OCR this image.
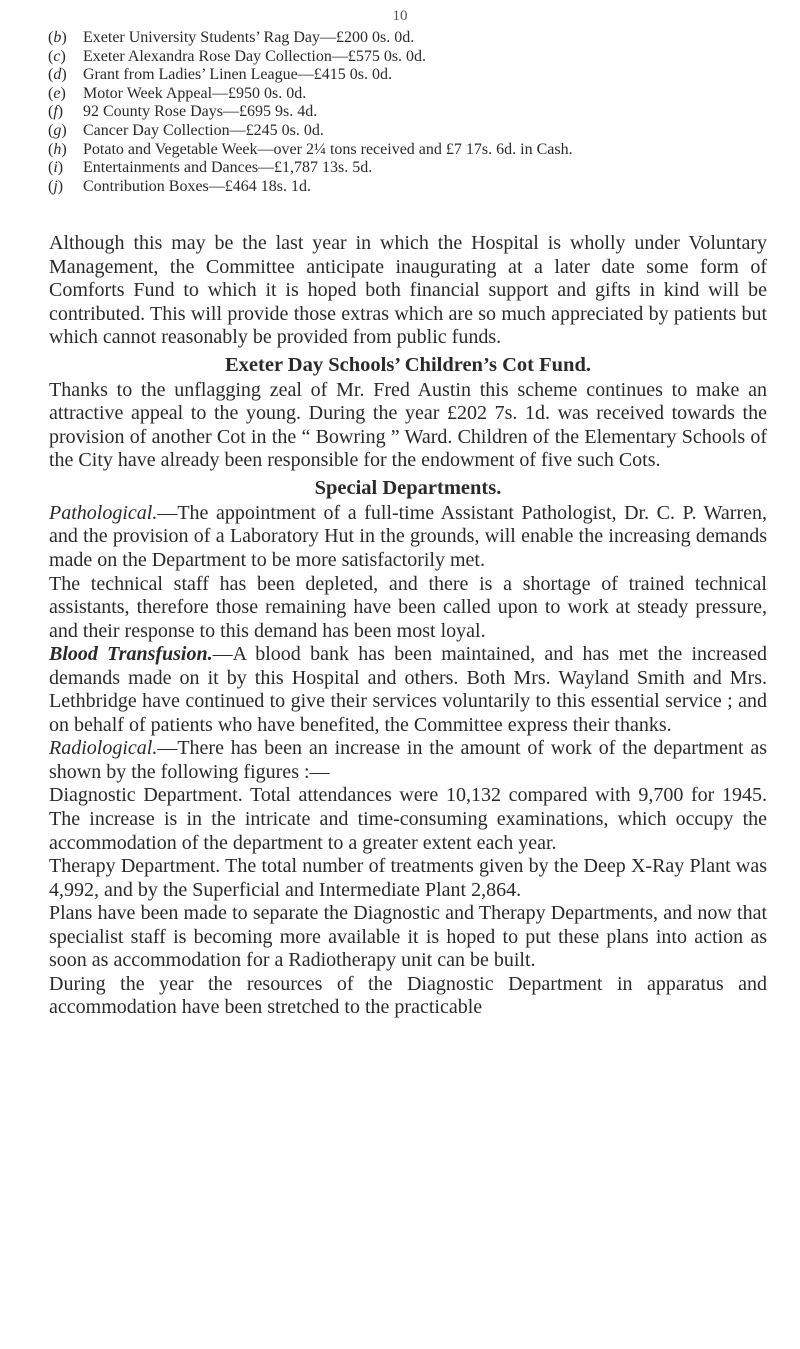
10
(b)	Exeter University Students’ Rag Day—£200 0s. 0d.
(c)	Exeter Alexandra Rose Day Collection—£575 0s. 0d.
(d)	Grant from Ladies’ Linen League—£415 0s. 0d.
(e)	Motor Week Appeal—£950 0s. 0d.
(f)	92 County Rose Days—£695 9s. 4d.
(g)	Cancer Day Collection—£245 0s. 0d.
(h)	Potato and Vegetable Week—over 2¼ tons received and £7 17s. 6d. in Cash.
(i)	Entertainments and Dances—£1,787 13s. 5d.
(j)	Contribution Boxes—£464 18s. 1d.

Although this may be the last year in which the Hospital is wholly under Voluntary Management, the Committee anticipate inaugurating at a later date some form of Comforts Fund to which it is hoped both financial support and gifts in kind will be contributed. This will provide those extras which are so much appreciated by patients but which cannot reasonably be provided from public funds.

Exeter Day Schools’ Children’s Cot Fund.

Thanks to the unflagging zeal of Mr. Fred Austin this scheme continues to make an attractive appeal to the young. During the year £202 7s. 1d. was received towards the provision of another Cot in the “ Bowring ” Ward. Children of the Elementary Schools of the City have already been responsible for the endowment of five such Cots.

Special Departments.

Pathological.—The appointment of a full-time Assistant Pathologist, Dr. C. P. Warren, and the provision of a Laboratory Hut in the grounds, will enable the increasing demands made on the Department to be more satisfactorily met.

The technical staff has been depleted, and there is a shortage of trained technical assistants, therefore those remaining have been called upon to work at steady pressure, and their response to this demand has been most loyal.

Blood Transfusion.—A blood bank has been maintained, and has met the increased demands made on it by this Hospital and others. Both Mrs. Wayland Smith and Mrs. Lethbridge have continued to give their services voluntarily to this essential service ; and on behalf of patients who have benefited, the Committee express their thanks.

Radiological.—There has been an increase in the amount of work of the department as shown by the following figures :—

Diagnostic Department. Total attendances were 10,132 compared with 9,700 for 1945. The increase is in the intricate and time-consuming examinations, which occupy the accommodation of the department to a greater extent each year.

Therapy Department. The total number of treatments given by the Deep X-Ray Plant was 4,992, and by the Superficial and Intermediate Plant 2,864.

Plans have been made to separate the Diagnostic and Therapy Departments, and now that specialist staff is becoming more available it is hoped to put these plans into action as soon as accommodation for a Radiotherapy unit can be built.

During the year the resources of the Diagnostic Department in apparatus and accommodation have been stretched to the practicable
